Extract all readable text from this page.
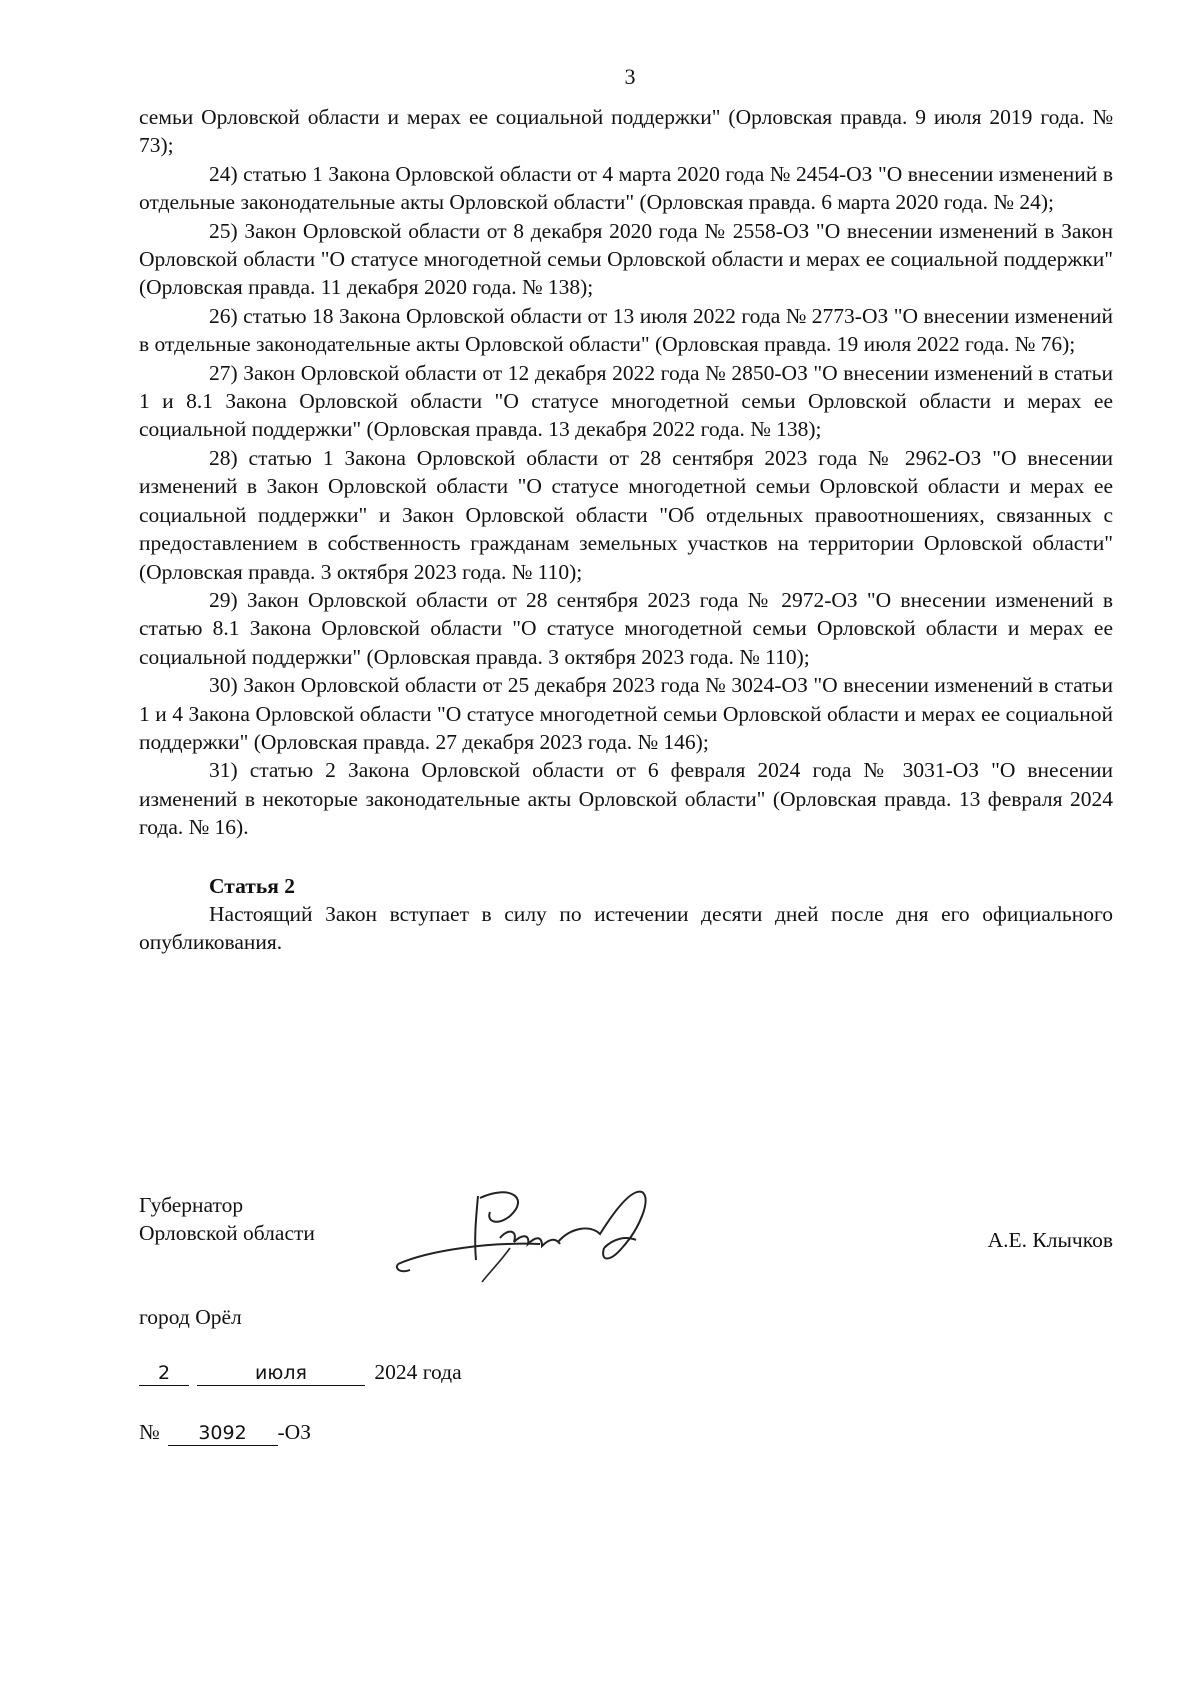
3

семьи Орловской области и мерах ее социальной поддержки" (Орловская правда. 9 июля 2019 года. № 73);

24) статью 1 Закона Орловской области от 4 марта 2020 года № 2454-ОЗ "О внесении изменений в отдельные законодательные акты Орловской области" (Орловская правда. 6 марта 2020 года. № 24);

25) Закон Орловской области от 8 декабря 2020 года № 2558-ОЗ "О внесении изменений в Закон Орловской области "О статусе многодетной семьи Орловской области и мерах ее социальной поддержки" (Орловская правда. 11 декабря 2020 года. № 138);

26) статью 18 Закона Орловской области от 13 июля 2022 года № 2773-ОЗ "О внесении изменений в отдельные законодательные акты Орловской области" (Орловская правда. 19 июля 2022 года. № 76);

27) Закон Орловской области от 12 декабря 2022 года № 2850-ОЗ "О внесении изменений в статьи 1 и 8.1 Закона Орловской области "О статусе многодетной семьи Орловской области и мерах ее социальной поддержки" (Орловская правда. 13 декабря 2022 года. № 138);

28) статью 1 Закона Орловской области от 28 сентября 2023 года № 2962-ОЗ "О внесении изменений в Закон Орловской области "О статусе многодетной семьи Орловской области и мерах ее социальной поддержки" и Закон Орловской области "Об отдельных правоотношениях, связанных с предоставлением в собственность гражданам земельных участков на территории Орловской области" (Орловская правда. 3 октября 2023 года. № 110);

29) Закон Орловской области от 28 сентября 2023 года № 2972-ОЗ "О внесении изменений в статью 8.1 Закона Орловской области "О статусе многодетной семьи Орловской области и мерах ее социальной поддержки" (Орловская правда. 3 октября 2023 года. № 110);

30) Закон Орловской области от 25 декабря 2023 года № 3024-ОЗ "О внесении изменений в статьи 1 и 4 Закона Орловской области "О статусе многодетной семьи Орловской области и мерах ее социальной поддержки" (Орловская правда. 27 декабря 2023 года. № 146);

31) статью 2 Закона Орловской области от 6 февраля 2024 года № 3031-ОЗ "О внесении изменений в некоторые законодательные акты Орловской области" (Орловская правда. 13 февраля 2024 года. № 16).

Статья 2

Настоящий Закон вступает в силу по истечении десяти дней после дня его официального опубликования.

Губернатор
Орловской области	А.Е. Клычков
город Орёл
2	июля	2024 года
№ 3092 -ОЗ
